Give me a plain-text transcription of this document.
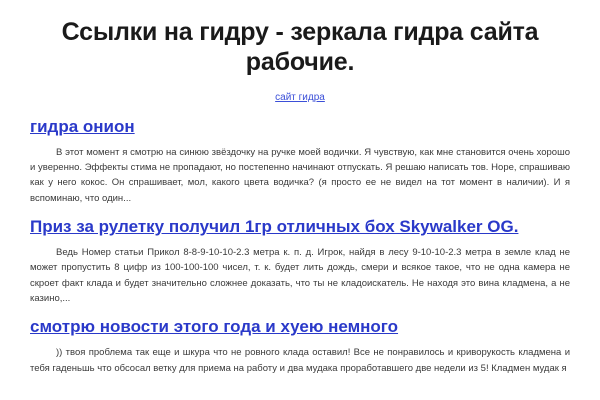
Ссылки на гидру - зеркала гидра сайта рабочие.
сайт гидра
гидра онион

В этот момент я смотрю на синюю звёздочку на ручке моей водички. Я чувствую, как мне становится очень хорошо и уверенно. Эффекты стима не пропадают, но постепенно начинают отпускать. Я решаю написать тов. Норе, спрашиваю как у него кокос. Он спрашивает, мол, какого цвета водичка? (я просто ее не видел на тот момент в наличии). И я вспоминаю, что один...

Приз за рулетку получил 1гр отличных бох Skywalker OG.

Ведь Номер статьи Прикол 8-8-9-10-10-2.3 метра к. п. д. Игрок, найдя в лесу 9-10-10-2.3 метра в земле клад не может пропустить 8 цифр из 100-100-100 чисел, т. к. будет лить дождь, смери и всякое такое, что не одна камера не скроет факт клада и будет значительно сложнее доказать, что ты не кладоискатель. Не находя это вина кладмена, а не казино,...

смотрю новости этого года и хуею немного

)) твоя проблема так еще и шкура что не ровного клада оставил! Все не понравилось и криворукость кладмена и тебя гаденьшь что обсосал ветку для приема на работу и два мудака проработавшего две недели из 5! Кладмен мудак я
